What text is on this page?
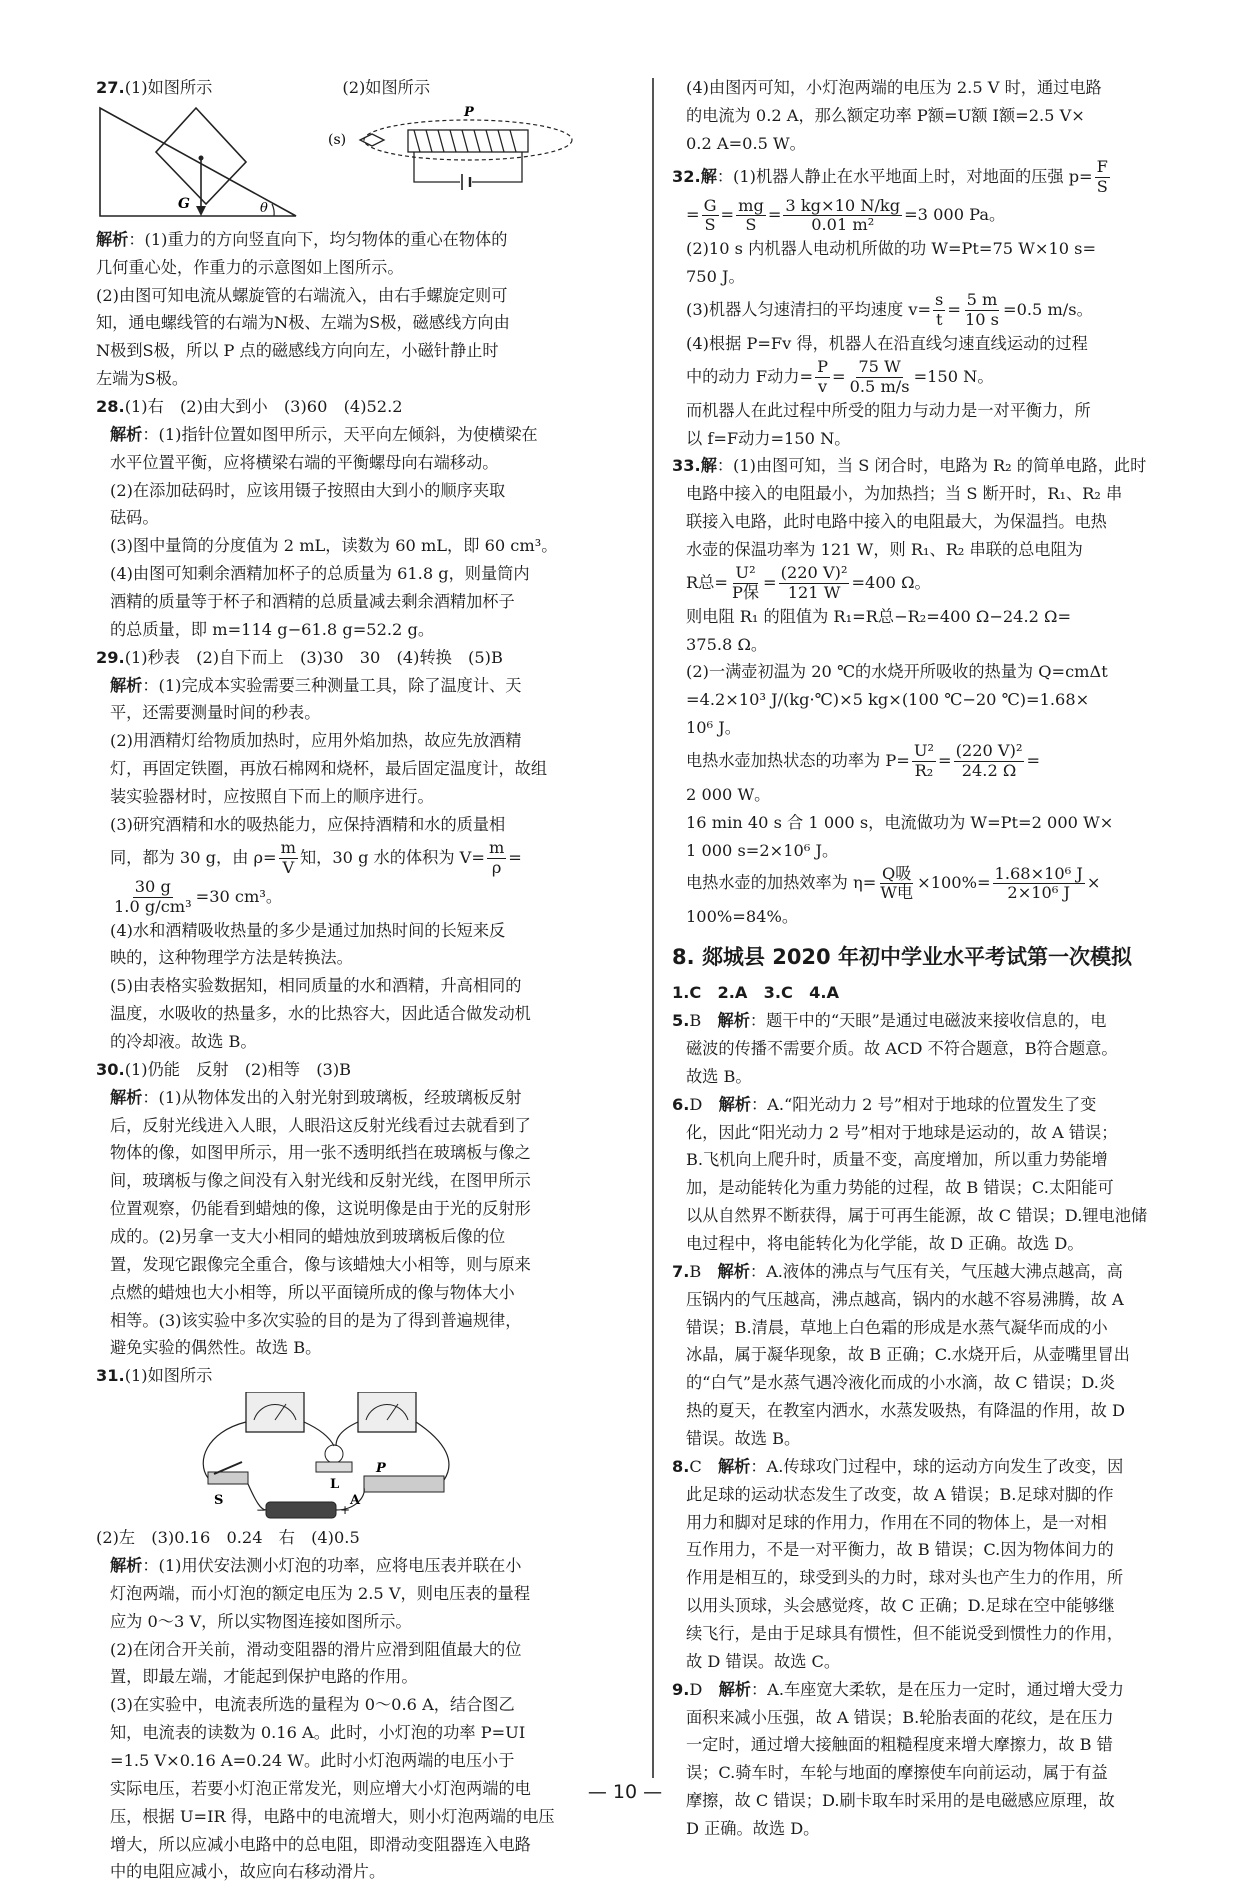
27.(1)如图所示	(2)如图所示

G	θ
(s)
P

解析：(1)重力的方向竖直向下，均匀物体的重心在物体的

几何重心处，作重力的示意图如上图所示。

(2)由图可知电流从螺旋管的右端流入，由右手螺旋定则可

知，通电螺线管的右端为N极、左端为S极，磁感线方向由

N极到S极，所以 P 点的磁感线方向向左，小磁针静止时

左端为S极。

28.(1)右　(2)由大到小　(3)60　(4)52.2

解析：(1)指针位置如图甲所示，天平向左倾斜，为使横梁在

水平位置平衡，应将横梁右端的平衡螺母向右端移动。

(2)在添加砝码时，应该用镊子按照由大到小的顺序夹取

砝码。

(3)图中量筒的分度值为 2 mL，读数为 60 mL，即 60 cm³。

(4)由图可知剩余酒精加杯子的总质量为 61.8 g，则量筒内

酒精的质量等于杯子和酒精的总质量减去剩余酒精加杯子

的总质量，即 m=114 g−61.8 g=52.2 g。

29.(1)秒表　(2)自下而上　(3)30　30　(4)转换　(5)B

解析：(1)完成本实验需要三种测量工具，除了温度计、天

平，还需要测量时间的秒表。

(2)用酒精灯给物质加热时，应用外焰加热，故应先放酒精

灯，再固定铁圈，再放石棉网和烧杯，最后固定温度计，故组

装实验器材时，应按照自下而上的顺序进行。

(3)研究酒精和水的吸热能力，应保持酒精和水的质量相

同，都为 30 g，由 $\rho= \frac{m}{V}$ 知，30 g 水的体积为 $V= \frac{m}{\rho}$ =

$\frac{30 g}{\text{1.0 g/cm³}} =30$ cm³。

(4)水和酒精吸收热量的多少是通过加热时间的长短来反

映的，这种物理学方法是转换法。

(5)由表格实验数据知，相同质量的水和酒精，升高相同的

温度，水吸收的热量多，水的比热容大，因此适合做发动机

的冷却液。故选 B。

30.(1)仍能　反射　(2)相等　(3)B

解析：(1)从物体发出的入射光射到玻璃板，经玻璃板反射

后，反射光线进入人眼，人眼沿这反射光线看过去就看到了

物体的像，如图甲所示，用一张不透明纸挡在玻璃板与像之

间，玻璃板与像之间没有入射光线和反射光线，在图甲所示

位置观察，仍能看到蜡烛的像，这说明像是由于光的反射形

成的。(2)另拿一支大小相同的蜡烛放到玻璃板后像的位

置，发现它跟像完全重合，像与该蜡烛大小相等，则与原来

点燃的蜡烛也大小相等，所以平面镜所成的像与物体大小

相等。(3)该实验中多次实验的目的是为了得到普遍规律，

避免实验的偶然性。故选 B。

31.(1)如图所示

L
P
S
+
A
−

(2)左　(3)0.16　0.24　右　(4)0.5

解析：(1)用伏安法测小灯泡的功率，应将电压表并联在小

灯泡两端，而小灯泡的额定电压为 2.5 V，则电压表的量程

应为 0～3 V，所以实物图连接如图所示。

(2)在闭合开关前，滑动变阻器的滑片应滑到阻值最大的位

置，即最左端，才能起到保护电路的作用。

(3)在实验中，电流表所选的量程为 0～0.6 A，结合图乙

知，电流表的读数为 0.16 A。此时，小灯泡的功率 P=UI

=1.5 V×0.16 A=0.24 W。此时小灯泡两端的电压小于

实际电压，若要小灯泡正常发光，则应增大小灯泡两端的电

压，根据 U=IR 得，电路中的电流增大，则小灯泡两端的电压

增大，所以应减小电路中的总电阻，即滑动变阻器连入电路

中的电阻应减小，故应向右移动滑片。

(4)由图丙可知，小灯泡两端的电压为 2.5 V 时，通过电路

的电流为 0.2 A，那么额定功率 P额=U额 I额=2.5 V×

0.2 A=0.5 W。

32.解：(1)机器人静止在水平地面上时，对地面的压强 $p= \frac{F}{S}$

= $\frac{G}{S} = \frac{mg}{S} = \frac{3 kg\times 10 N/kg}{\text{0.01 m²}} =3$ 000 Pa。

(2)10 s 内机器人电动机所做的功 W=Pt=75 W×10 s=

750 J。

(3)机器人匀速清扫的平均速度 $v= \frac{s}{t} = \frac{5 m}{10 s} =0.5$ m/s。

(4)根据 P=Fv 得，机器人在沿直线匀速直线运动的过程

中的动力 F动力= $\frac{P}{v} = \frac{75 W}{0.5 m/s} =150$ N。

而机器人在此过程中所受的阻力与动力是一对平衡力，所

以 f=F动力=150 N。

33.解：(1)由图可知，当 S 闭合时，电路为 R₂ 的简单电路，此时

电路中接入的电阻最小，为加热挡；当 S 断开时，R₁、R₂ 串

联接入电路，此时电路中接入的电阻最大，为保温挡。电热

水壶的保温功率为 121 W，则 R₁、R₂ 串联的总电阻为

R总= $\frac{\text{U²}}{\text{P保}} = \frac{\text{(220 V)²}}{121 W} =400$ Ω。

则电阻 R₁ 的阻值为 R₁=R总−R₂=400 Ω−24.2 Ω=

375.8 Ω。

(2)一满壶初温为 20 ℃的水烧开所吸收的热量为 Q=cmΔt

=4.2×10³ J/(kg·℃)×5 kg×(100 ℃−20 ℃)=1.68×

10⁶ J。

电热水壶加热状态的功率为 $P= \frac{\text{U²}}{\text{R₂}} = \frac{\text{(220 V)²}}{24.2 \Omega}$ =

2 000 W。

16 min 40 s 合 1 000 s，电流做功为 W=Pt=2 000 W×

1 000 s=2×10⁶ J。

电热水壶的加热效率为 $\eta= \frac{\text{Q吸}}{\text{W电}} \times 100\%= \frac{\text{1.68×10⁶ J}}{\text{2×10⁶ J}}$ ×

100%=84%。

8. 郯城县 2020 年初中学业水平考试第一次模拟

1.C　2.A　3.C　4.A

5.B　 解析：题干中的“天眼”是通过电磁波来接收信息的，电

磁波的传播不需要介质。故 ACD 不符合题意，B符合题意。

故选 B。

6.D　 解析：A.“阳光动力 2 号”相对于地球的位置发生了变

化，因此“阳光动力 2 号”相对于地球是运动的，故 A 错误；

B.飞机向上爬升时，质量不变，高度增加，所以重力势能增

加，是动能转化为重力势能的过程，故 B 错误；C.太阳能可

以从自然界不断获得，属于可再生能源，故 C 错误；D.锂电池储

电过程中，将电能转化为化学能，故 D 正确。故选 D。

7.B　 解析：A.液体的沸点与气压有关，气压越大沸点越高，高

压锅内的气压越高，沸点越高，锅内的水越不容易沸腾，故 A

错误；B.清晨，草地上白色霜的形成是水蒸气凝华而成的小

冰晶，属于凝华现象，故 B 正确；C.水烧开后，从壶嘴里冒出

的“白气”是水蒸气遇冷液化而成的小水滴，故 C 错误；D.炎

热的夏天，在教室内洒水，水蒸发吸热，有降温的作用，故 D

错误。故选 B。

8.C　 解析：A.传球攻门过程中，球的运动方向发生了改变，因

此足球的运动状态发生了改变，故 A 错误；B.足球对脚的作

用力和脚对足球的作用力，作用在不同的物体上，是一对相

互作用力，不是一对平衡力，故 B 错误；C.因为物体间力的

作用是相互的，球受到头的力时，球对头也产生力的作用，所

以用头顶球，头会感觉疼，故 C 正确；D.足球在空中能够继

续飞行，是由于足球具有惯性，但不能说受到惯性力的作用，

故 D 错误。故选 C。

9.D　 解析：A.车座宽大柔软，是在压力一定时，通过增大受力

面积来减小压强，故 A 错误；B.轮胎表面的花纹，是在压力

一定时，通过增大接触面的粗糙程度来增大摩擦力，故 B 错

误；C.骑车时，车轮与地面的摩擦使车向前运动，属于有益

摩擦，故 C 错误；D.刷卡取车时采用的是电磁感应原理，故

D 正确。故选 D。

— 10 —
